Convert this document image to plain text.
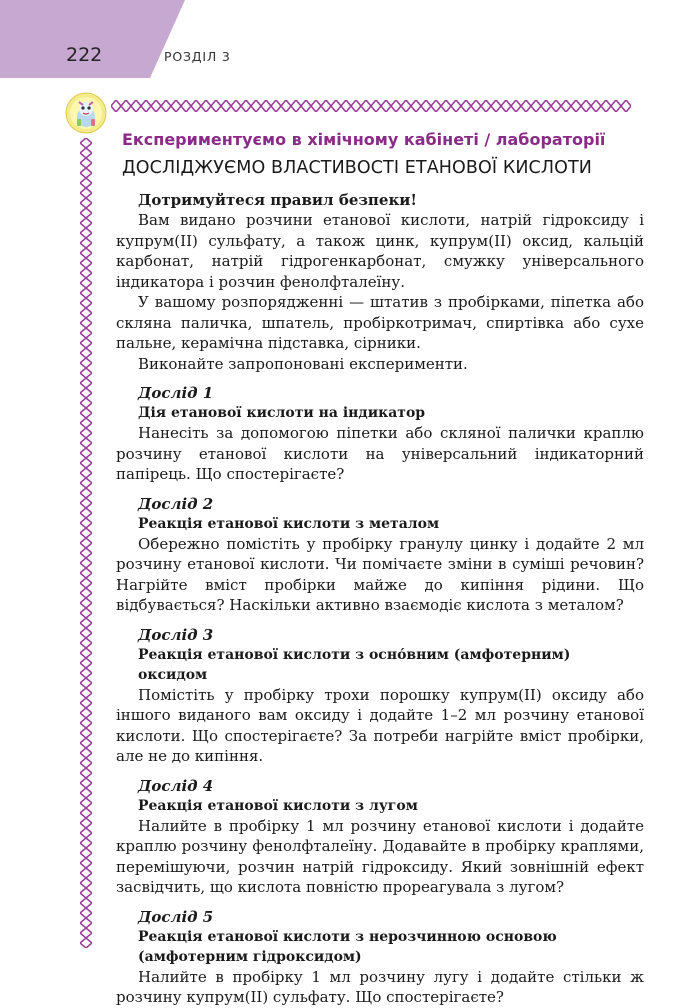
222	РОЗДІЛ 3
Експериментуємо в хімічному кабінеті / лабораторії
ДОСЛІДЖУЄМО ВЛАСТИВОСТІ ЕТАНОВОЇ КИСЛОТИ
Дотримуйтеся правил безпеки!

Вам видано розчини етанової кислоти, натрій гідроксиду і купрум(ІІ) сульфату, а також цинк, купрум(ІІ) оксид, кальцій карбонат, натрій гідрогенкарбонат, смужку універсального індикатора і розчин фенолфталеїну.

У вашому розпорядженні — штатив з пробірками, піпетка або скляна паличка, шпатель, пробіркотримач, спиртівка або сухе пальне, керамічна підставка, сірники.

Виконайте запропоновані експерименти.

Дослід 1
Дія етанової кислоти на індикатор

Нанесіть за допомогою піпетки або скляної палички краплю розчину етанової кислоти на універсальний індикаторний папірець. Що спостерігаєте?

Дослід 2
Реакція етанової кислоти з металом

Обережно помістіть у пробірку гранулу цинку і додайте 2 мл розчину етанової кислоти. Чи помічаєте зміни в суміші речовин? Нагрійте вміст пробірки майже до кипіння рідини. Що відбувається? Наскільки активно взаємодіє кислота з металом?

Дослід 3
Реакція етанової кислоти з осно́вним (амфотерним) оксидом

Помістіть у пробірку трохи порошку купрум(ІІ) оксиду або іншого виданого вам оксиду і додайте 1–2 мл розчину етанової кислоти. Що спостерігаєте? За потреби нагрійте вміст пробірки, але не до кипіння.

Дослід 4
Реакція етанової кислоти з лугом

Налийте в пробірку 1 мл розчину етанової кислоти і додайте краплю розчину фенолфталеїну. Додавайте в пробірку краплями, перемішуючи, розчин натрій гідроксиду. Який зовнішній ефект засвідчить, що кислота повністю прореагувала з лугом?

Дослід 5
Реакція етанової кислоти з нерозчинною основою (амфотерним гідроксидом)

Налийте в пробірку 1 мл розчину лугу і додайте стільки ж розчину купрум(ІІ) сульфату. Що спостерігаєте?
